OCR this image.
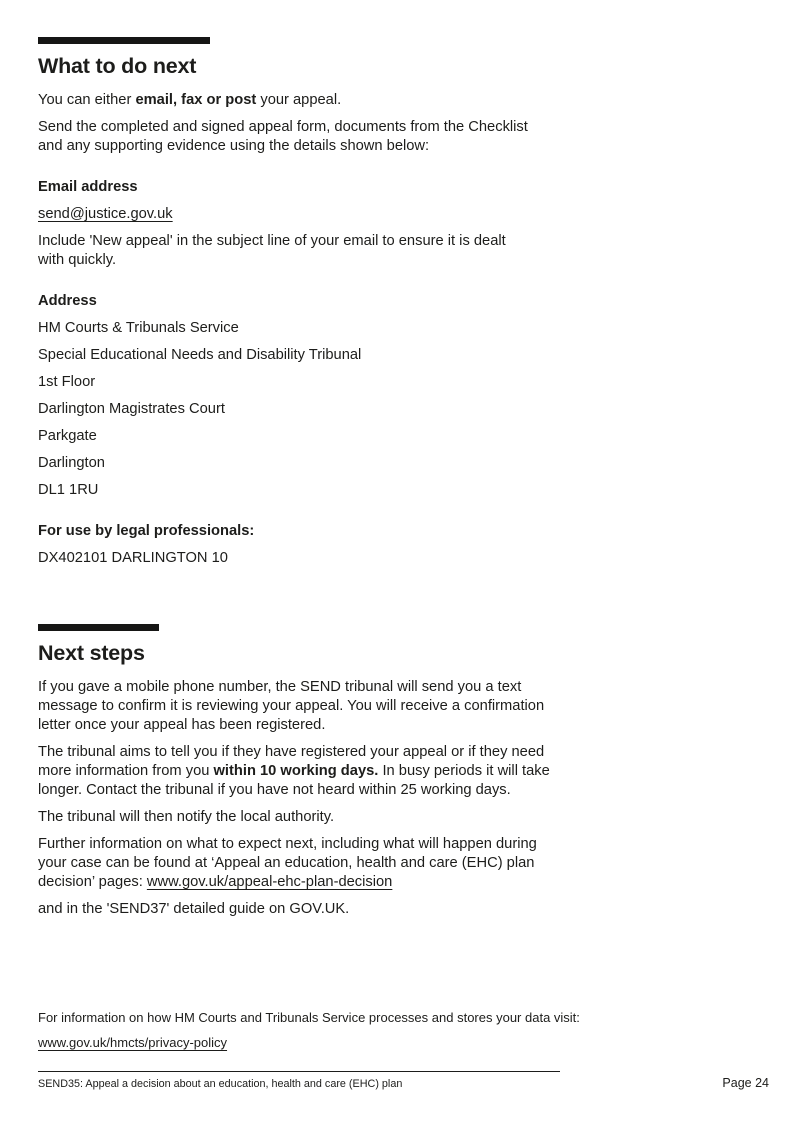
What to do next

You can either email, fax or post your appeal.

Send the completed and signed appeal form, documents from the Checklist
and any supporting evidence using the details shown below:

Email address

send@justice.gov.uk

Include 'New appeal' in the subject line of your email to ensure it is dealt
with quickly.

Address

HM Courts & Tribunals Service

Special Educational Needs and Disability Tribunal

1st Floor

Darlington Magistrates Court

Parkgate

Darlington

DL1 1RU

For use by legal professionals:

DX402101 DARLINGTON 10

Next steps

If you gave a mobile phone number, the SEND tribunal will send you a text
message to confirm it is reviewing your appeal. You will receive a confirmation
letter once your appeal has been registered.

The tribunal aims to tell you if they have registered your appeal or if they need
more information from you within 10 working days. In busy periods it will take
longer. Contact the tribunal if you have not heard within 25 working days.

The tribunal will then notify the local authority.

Further information on what to expect next, including what will happen during
your case can be found at ‘Appeal an education, health and care (EHC) plan
decision’ pages: www.gov.uk/appeal-ehc-plan-decision

and in the 'SEND37' detailed guide on GOV.UK.

For information on how HM Courts and Tribunals Service processes and stores your data visit:

www.gov.uk/hmcts/privacy-policy

SEND35: Appeal a decision about an education, health and care (EHC) plan	Page 24
